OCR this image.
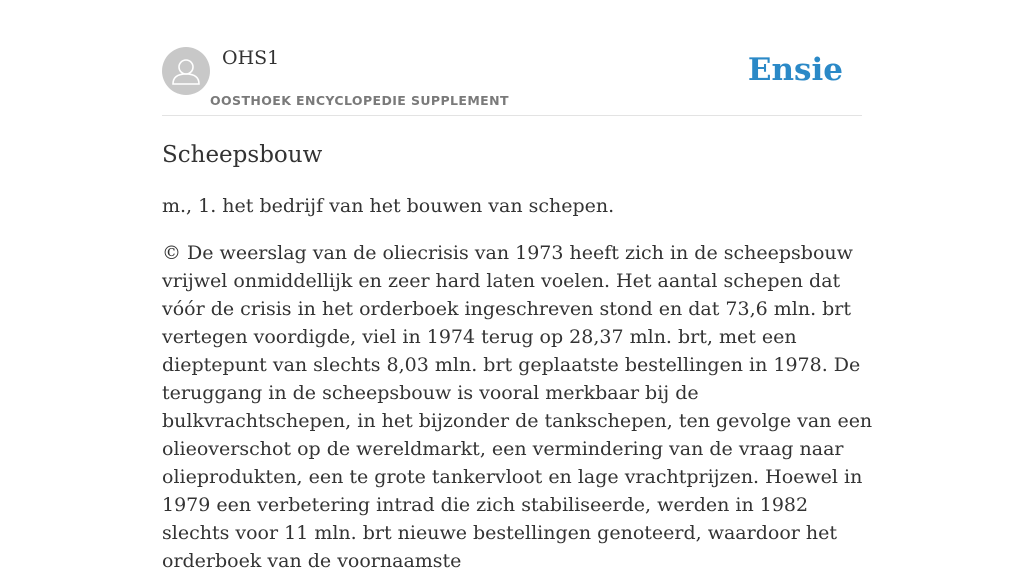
OHS1
OOSTHOEK ENCYCLOPEDIE SUPPLEMENT
Ensie
Scheepsbouw

m., 1. het bedrijf van het bouwen van schepen.

© De weerslag van de oliecrisis van 1973 heeft zich in de scheepsbouw vrijwel onmiddellijk en zeer hard laten voelen. Het aantal schepen dat vóór de crisis in het orderboek ingeschreven stond en dat 73,6 mln. brt vertegen voordigde, viel in 1974 terug op 28,37 mln. brt, met een dieptepunt van slechts 8,03 mln. brt geplaatste bestellingen in 1978. De teruggang in de scheepsbouw is vooral merkbaar bij de bulkvrachtschepen, in het bijzonder de tankschepen, ten gevolge van een olieoverschot op de wereldmarkt, een vermindering van de vraag naar olieprodukten, een te grote tankervloot en lage vrachtprijzen. Hoewel in 1979 een verbetering intrad die zich stabiliseerde, werden in 1982 slechts voor 11 mln. brt nieuwe bestellingen genoteerd, waardoor het orderboek van de voornaamste
